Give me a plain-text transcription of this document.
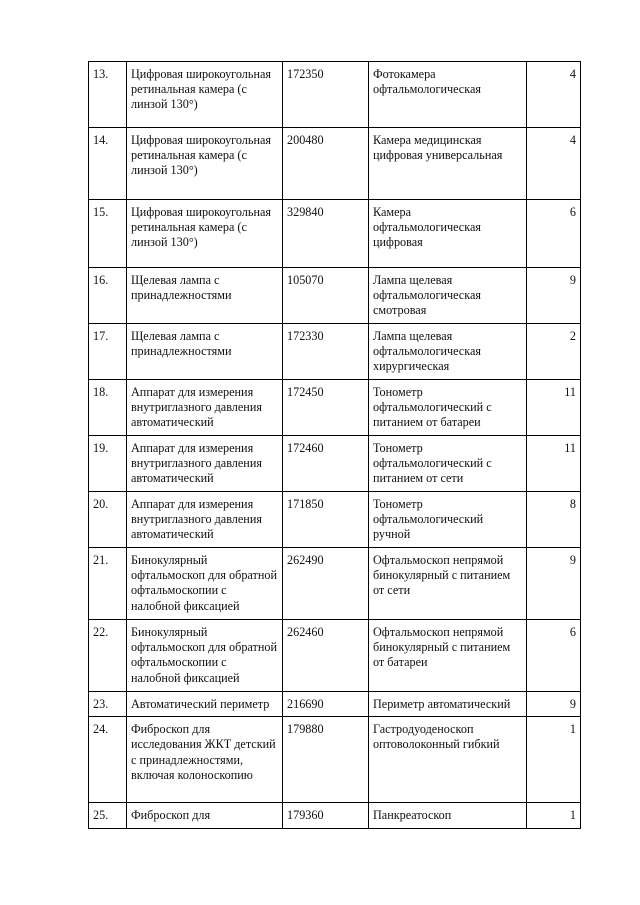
13.	Цифровая широкоугольная ретинальная камера (с линзой 130°)	172350	Фотокамера офтальмологическая	4
14.	Цифровая широкоугольная ретинальная камера (с линзой 130°)	200480	Камера медицинская цифровая универсальная	4
15.	Цифровая широкоугольная ретинальная камера (с линзой 130°)	329840	Камера офтальмологическая цифровая	6
16.	Щелевая лампа с принадлежностями	105070	Лампа щелевая офтальмологическая смотровая	9
17.	Щелевая лампа с принадлежностями	172330	Лампа щелевая офтальмологическая хирургическая	2
18.	Аппарат для измерения внутриглазного давления автоматический	172450	Тонометр офтальмологический с питанием от батареи	11
19.	Аппарат для измерения внутриглазного давления автоматический	172460	Тонометр офтальмологический с питанием от сети	11
20.	Аппарат для измерения внутриглазного давления автоматический	171850	Тонометр офтальмологический ручной	8
21.	Бинокулярный офтальмоскоп для обратной офтальмоскопии с налобной фиксацией	262490	Офтальмоскоп непрямой бинокулярный с питанием от сети	9
22.	Бинокулярный офтальмоскоп для обратной офтальмоскопии с налобной фиксацией	262460	Офтальмоскоп непрямой бинокулярный с питанием от батареи	6
23.	Автоматический периметр	216690	Периметр автоматический	9
24.	Фиброскоп для исследования ЖКТ детский с принадлежностями, включая колоноскопию	179880	Гастродуоденоскоп оптоволоконный гибкий	1
25.	Фиброскоп для	179360	Панкреатоскоп	1
